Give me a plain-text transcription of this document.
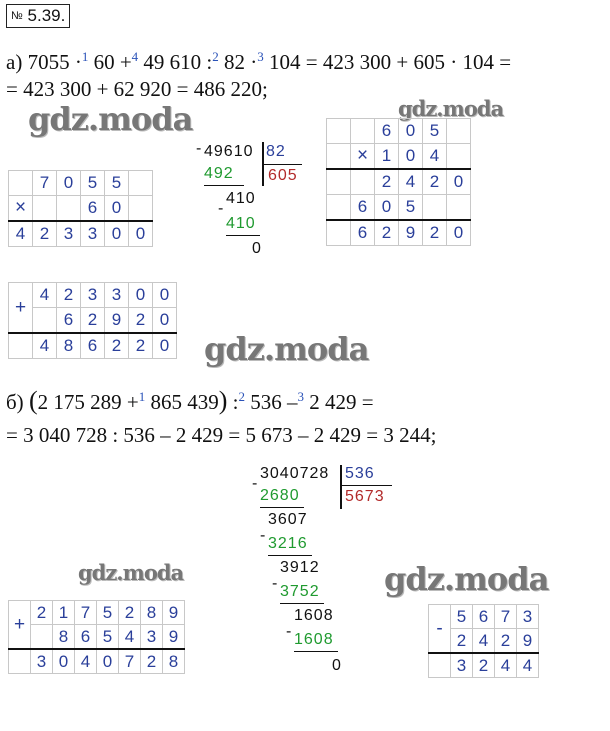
№ 5.39.
а) 7055 ·$^1$ 60 +$^4$ 49 610 :$^2$ 82 ·$^3$ 104 = 423 300 + 605 · 104 =
= 423 300 + 62 920 = 486 220;
gdz.moda	gdz.moda
gdz.moda
gdz.moda	gdz.moda
	7	0	5	5	
×			6	0	
4	2	3	3	0	0
- 49610 82
605
492
-
410
410
0
		6	0	5	
	×	1	0	4	
		2	4	2	0
	6	0	5		
	6	2	9	2	0
+	4	2	3	3	0	0
		6	2	9	2	0
	4	8	6	2	2	0
б) (2 175 289 +$^1$ 865 439) :$^2$ 536 –$^3$ 2 429 =
= 3 040 728 : 536 – 2 429 = 5 673 – 2 429 = 3 244;
-
3040728 536
5673
2680
-
3607
3216
-
3912
3752
-
1608
1608
0
+	2	1	7	5	2	8	9
		8	6	5	4	3	9
	3	0	4	0	7	2	8
-	5	6	7	3
	2	4	2	9
	3	2	4	4
